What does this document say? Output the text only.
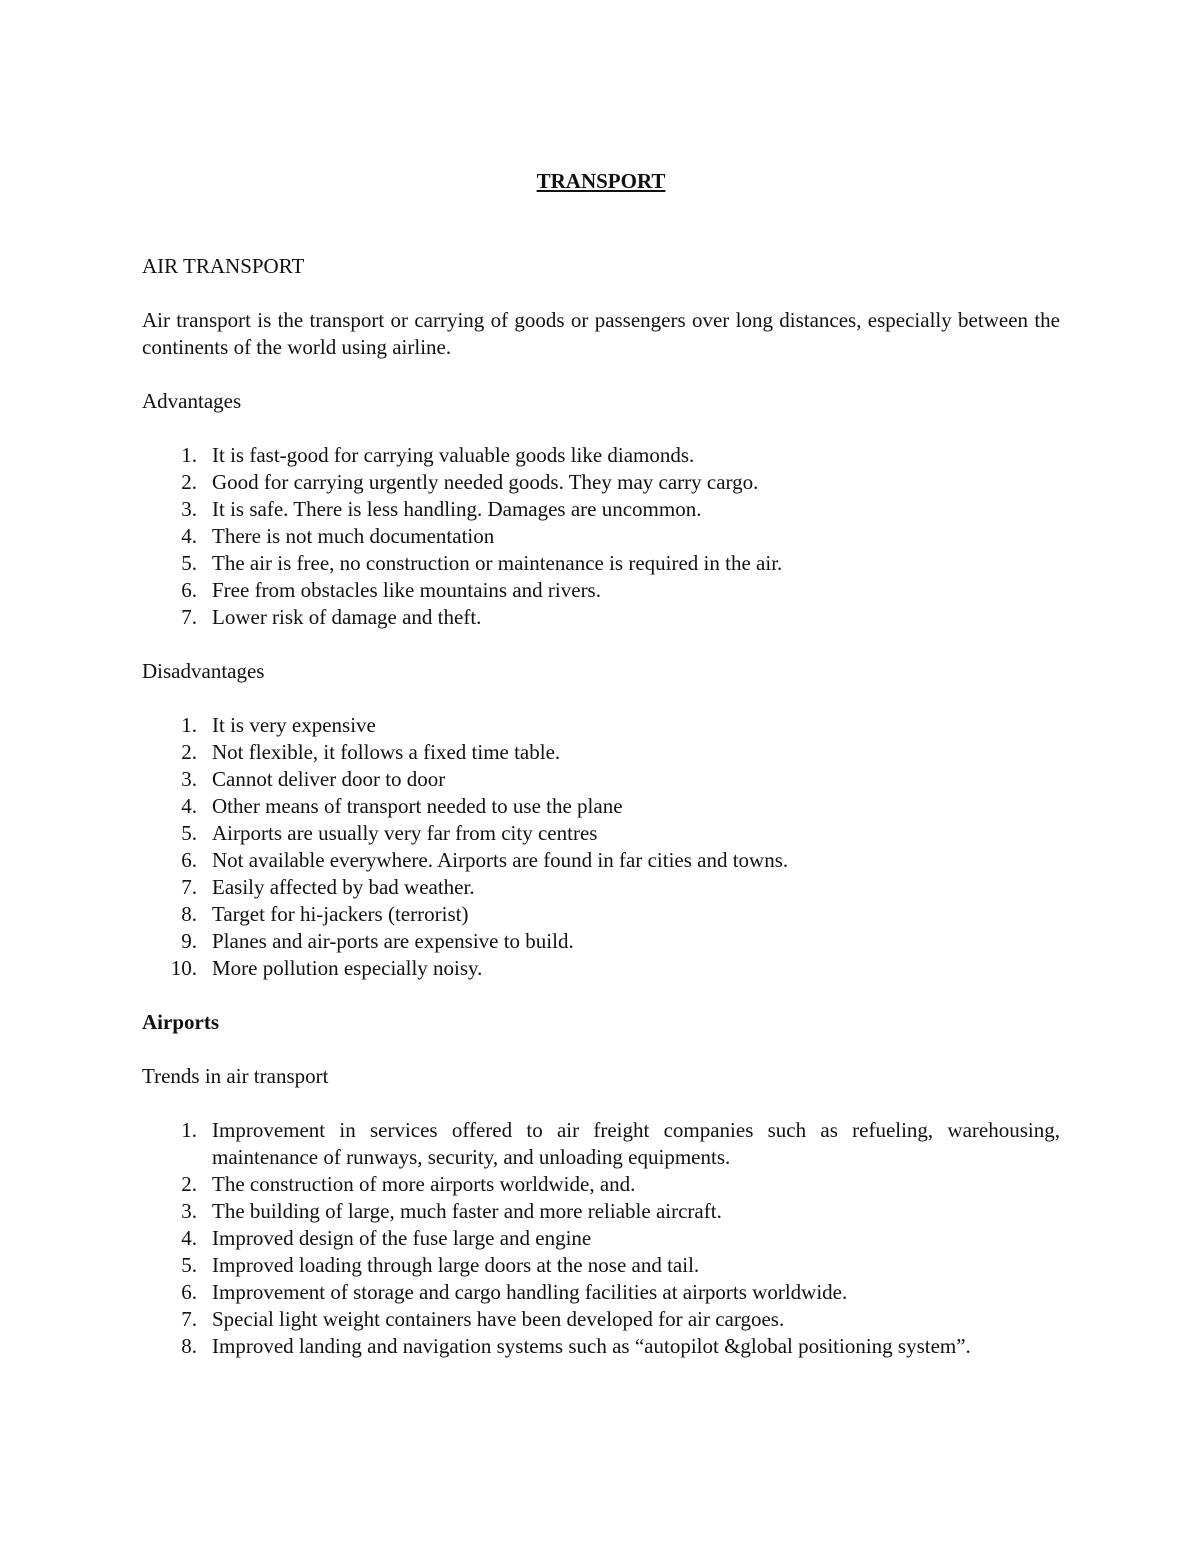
TRANSPORT
AIR TRANSPORT
Air transport is the transport or carrying of goods or passengers over long distances, especially between the continents of the world using airline.
Advantages
1. It is fast-good for carrying valuable goods like diamonds.
2. Good for carrying urgently needed goods. They may carry cargo.
3. It is safe. There is less handling. Damages are uncommon.
4. There is not much documentation
5. The air is free, no construction or maintenance is required in the air.
6. Free from obstacles like mountains and rivers.
7. Lower risk of damage and theft.
Disadvantages
1. It is very expensive
2. Not flexible, it follows a fixed time table.
3. Cannot deliver door to door
4. Other means of transport needed to use the plane
5. Airports are usually very far from city centres
6. Not available everywhere. Airports are found in far cities and towns.
7. Easily affected by bad weather.
8. Target for hi-jackers (terrorist)
9. Planes and air-ports are expensive to build.
10. More pollution especially noisy.
Airports
Trends in air transport
1. Improvement in services offered to air freight companies such as refueling, warehousing, maintenance of runways, security, and unloading equipments.
2. The construction of more airports worldwide, and.
3. The building of large, much faster and more reliable aircraft.
4. Improved design of the fuse large and engine
5. Improved loading through large doors at the nose and tail.
6. Improvement of storage and cargo handling facilities at airports worldwide.
7. Special light weight containers have been developed for air cargoes.
8. Improved landing and navigation systems such as “autopilot &global positioning system”.
